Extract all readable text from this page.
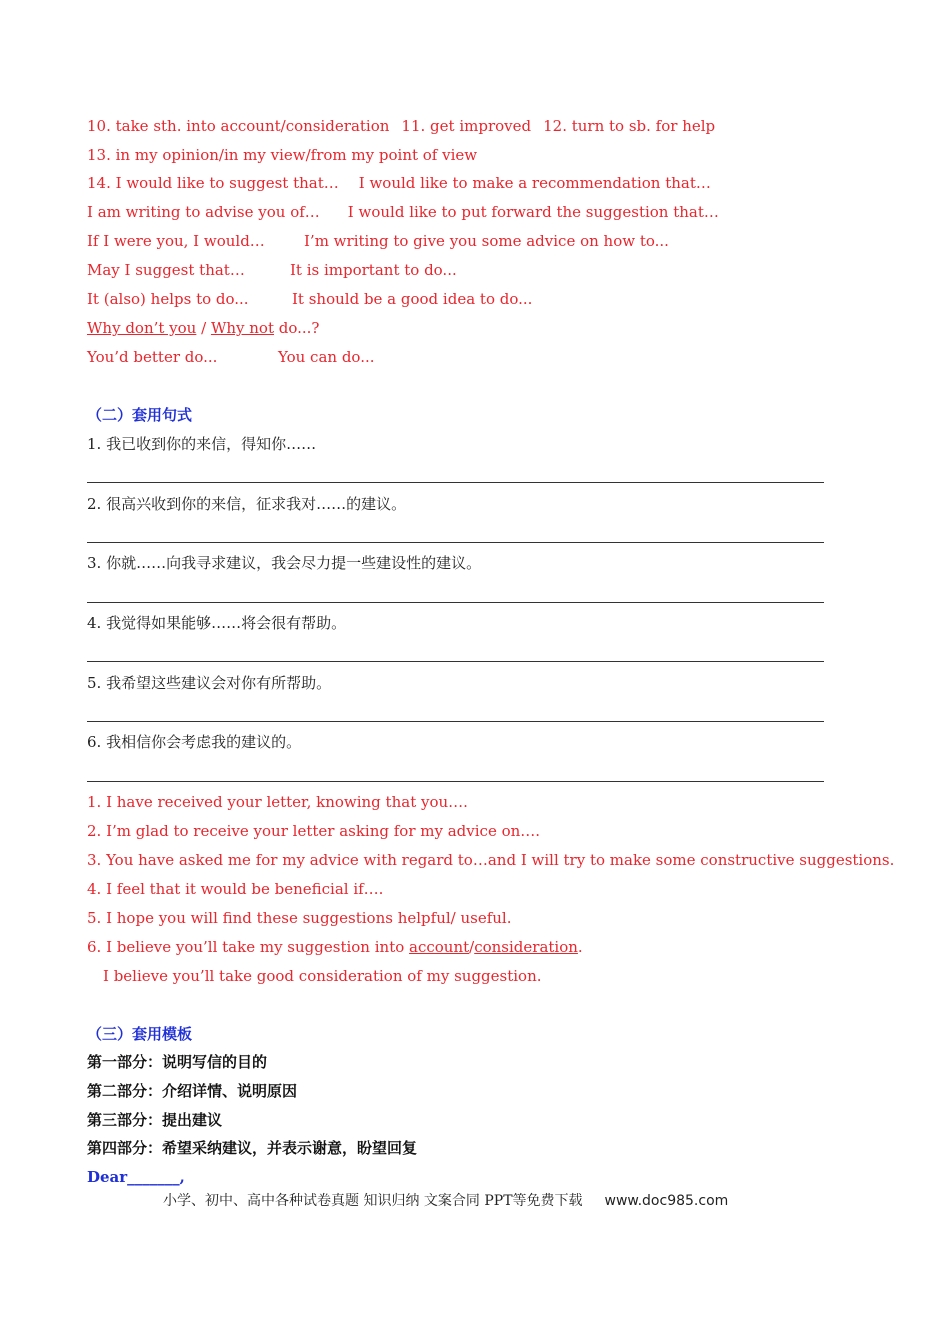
10. take sth. into account/consideration 11. get improved 12. turn to sb. for help
13. in my opinion/in my view/from my point of view
14. I would like to suggest that… I would like to make a recommendation that…
I am writing to advise you of… I would like to put forward the suggestion that…
If I were you, I would…	I’m writing to give you some advice on how to...
May I suggest that…	It is important to do...
It (also) helps to do...	It should be a good idea to do...
Why don’t you / Why not do...?
You’d better do...	You can do...
（二）套用句式
1. 我已收到你的来信，得知你……
2. 很高兴收到你的来信，征求我对……的建议。
3. 你就……向我寻求建议，我会尽力提一些建设性的建议。
4. 我觉得如果能够……将会很有帮助。
5. 我希望这些建议会对你有所帮助。
6. 我相信你会考虑我的建议的。
1. I have received your letter, knowing that you….
2. I’m glad to receive your letter asking for my advice on….
3. You have asked me for my advice with regard to…and I will try to make some constructive suggestions.
4. I feel that it would be beneficial if….
5. I hope you will find these suggestions helpful/ useful.
6. I believe you’ll take my suggestion into account/consideration.
I believe you’ll take good consideration of my suggestion.
（三）套用模板
第一部分：说明写信的目的
第二部分：介绍详情、说明原因
第三部分：提出建议
第四部分：希望采纳建议，并表示谢意，盼望回复
Dear_______,
小学、初中、高中各种试卷真题 知识归纳 文案合同 PPT等免费下载 www.doc985.com
